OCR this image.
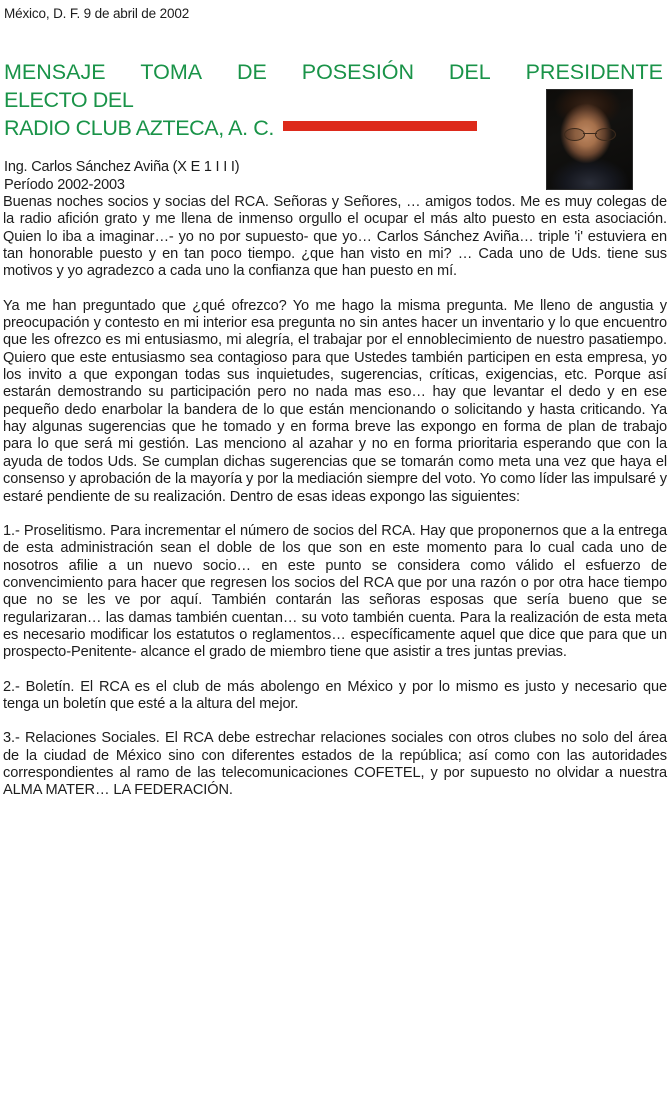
México, D. F. 9 de abril de 2002
MENSAJE TOMA DE POSESIÓN DEL PRESIDENTE
ELECTO DEL
RADIO CLUB AZTECA, A. C.
Ing. Carlos Sánchez Aviña (X E 1 I I I)
Período 2002-2003

Buenas noches socios y socias del RCA. Señoras y Señores, … amigos todos. Me es muy colegas de la radio afición grato y me llena de inmenso orgullo el ocupar el más alto puesto en esta asociación. Quien lo iba a imaginar…- yo no por supuesto- que yo… Carlos Sánchez Aviña… triple 'i' estuviera en tan honorable puesto y en tan poco tiempo. ¿que han visto en mi? … Cada uno de Uds. tiene sus motivos y yo agradezco a cada uno la confianza que han puesto en mí.

Ya me han preguntado que ¿qué ofrezco? Yo me hago la misma pregunta. Me lleno de angustia y preocupación y contesto en mi interior esa pregunta no sin antes hacer un inventario y lo que encuentro que les ofrezco es mi entusiasmo, mi alegría, el trabajar por el ennoblecimiento de nuestro pasatiempo. Quiero que este entusiasmo sea contagioso para que Ustedes también participen en esta empresa, yo los invito a que expongan todas sus inquietudes, sugerencias, críticas, exigencias, etc. Porque así estarán demostrando su participación pero no nada mas eso… hay que levantar el dedo y en ese pequeño dedo enarbolar la bandera de lo que están mencionando o solicitando y hasta criticando. Ya hay algunas sugerencias que he tomado y en forma breve las expongo en forma de plan de trabajo para lo que será mi gestión. Las menciono al azahar y no en forma prioritaria esperando que con la ayuda de todos Uds. Se cumplan dichas sugerencias que se tomarán como meta una vez que haya el consenso y aprobación de la mayoría y por la mediación siempre del voto. Yo como líder las impulsaré y estaré pendiente de su realización. Dentro de esas ideas expongo las siguientes:

1.- Proselitismo. Para incrementar el número de socios del RCA. Hay que proponernos que a la entrega de esta administración sean el doble de los que son en este momento para lo cual cada uno de nosotros afilie a un nuevo socio… en este punto se considera como válido el esfuerzo de convencimiento para hacer que regresen los socios del RCA que por una razón o por otra hace tiempo que no se les ve por aquí. También contarán las señoras esposas que sería bueno que se regularizaran… las damas también cuentan… su voto también cuenta. Para la realización de esta meta es necesario modificar los estatutos o reglamentos… específicamente aquel que dice que para que un prospecto-Penitente- alcance el grado de miembro tiene que asistir a tres juntas previas.

2.- Boletín. El RCA es el club de más abolengo en México y por lo mismo es justo y necesario que tenga un boletín que esté a la altura del mejor.

3.- Relaciones Sociales. El RCA debe estrechar relaciones sociales con otros clubes no solo del área de la ciudad de México sino con diferentes estados de la república; así como con las autoridades correspondientes al ramo de las telecomunicaciones COFETEL, y por supuesto no olvidar a nuestra ALMA MATER… LA FEDERACIÓN.
